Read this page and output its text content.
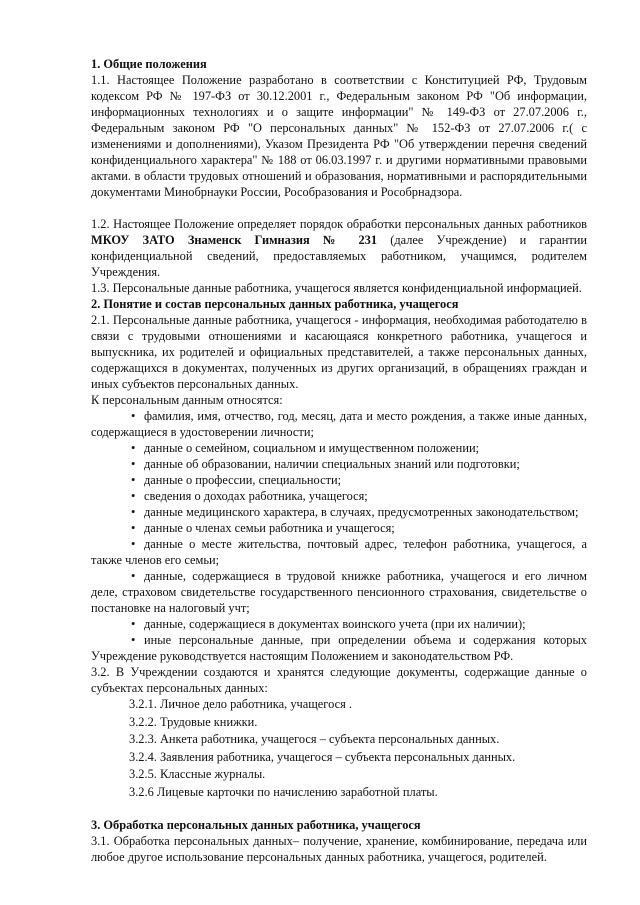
1. Общие положения

1.1. Настоящее Положение разработано в соответствии с Конституцией РФ, Трудовым кодексом РФ № 197-ФЗ от 30.12.2001 г., Федеральным законом РФ "Об информации, информационных технологиях и о защите информации" № 149-ФЗ от 27.07.2006 г., Федеральным законом РФ "О персональных данных" № 152-ФЗ от 27.07.2006 г.( с изменениями и дополнениями), Указом Президента РФ "Об утверждении перечня сведений конфиденциального характера" № 188 от 06.03.1997 г. и другими нормативными правовыми актами. в области трудовых отношений и образования, нормативными и распорядительными документами Минобрнауки России, Рособразования и Рособрнадзора.

1.2. Настоящее Положение определяет порядок обработки персональных данных работников МКОУ ЗАТО Знаменск Гимназия № 231 (далее Учреждение) и гарантии конфиденциальной сведений, предоставляемых работником, учащимся, родителем Учреждения.

1.3. Персональные данные работника, учащегося является конфиденциальной информацией.

2. Понятие и состав персональных данных работника, учащегося

2.1. Персональные данные работника, учащегося - информация, необходимая работодателю в связи с трудовыми отношениями и касающаяся конкретного работника, учащегося и выпускника, их родителей и официальных представителей, а также персональных данных, содержащихся в документах, полученных из других организаций, в обращениях граждан и иных субъектов персональных данных.

К персональным данным относятся:

• фамилия, имя, отчество, год, месяц, дата и место рождения, а также иные данных, содержащиеся в удостоверении личности;
• данные о семейном, социальном и имущественном положении;
• данные об образовании, наличии специальных знаний или подготовки;
• данные о профессии, специальности;
• сведения о доходах работника, учащегося;
• данные медицинского характера, в случаях, предусмотренных законодательством;
• данные о членах семьи работника и учащегося;
• данные о месте жительства, почтовый адрес, телефон работника, учащегося, а также членов его семьи;
• данные, содержащиеся в трудовой книжке работника, учащегося и его личном деле, страховом свидетельстве государственного пенсионного страхования, свидетельстве о постановке на налоговый учт;
• данные, содержащиеся в документах воинского учета (при их наличии);
• иные персональные данные, при определении объема и содержания которых Учреждение руководствуется настоящим Положением и законодательством РФ.

3.2. В Учреждении создаются и хранятся следующие документы, содержащие данные о субъектах персональных данных:

3.2.1. Личное дело работника, учащегося .
3.2.2. Трудовые книжки.
3.2.3. Анкета работника, учащегося – субъекта персональных данных.
3.2.4. Заявления работника, учащегося – субъекта персональных данных.
3.2.5. Классные журналы.
3.2.6 Лицевые карточки по начислению заработной платы.
3. Обработка персональных данных работника, учащегося

3.1. Обработка персональных данных– получение, хранение, комбинирование, передача или любое другое использование персональных данных работника, учащегося, родителей.
